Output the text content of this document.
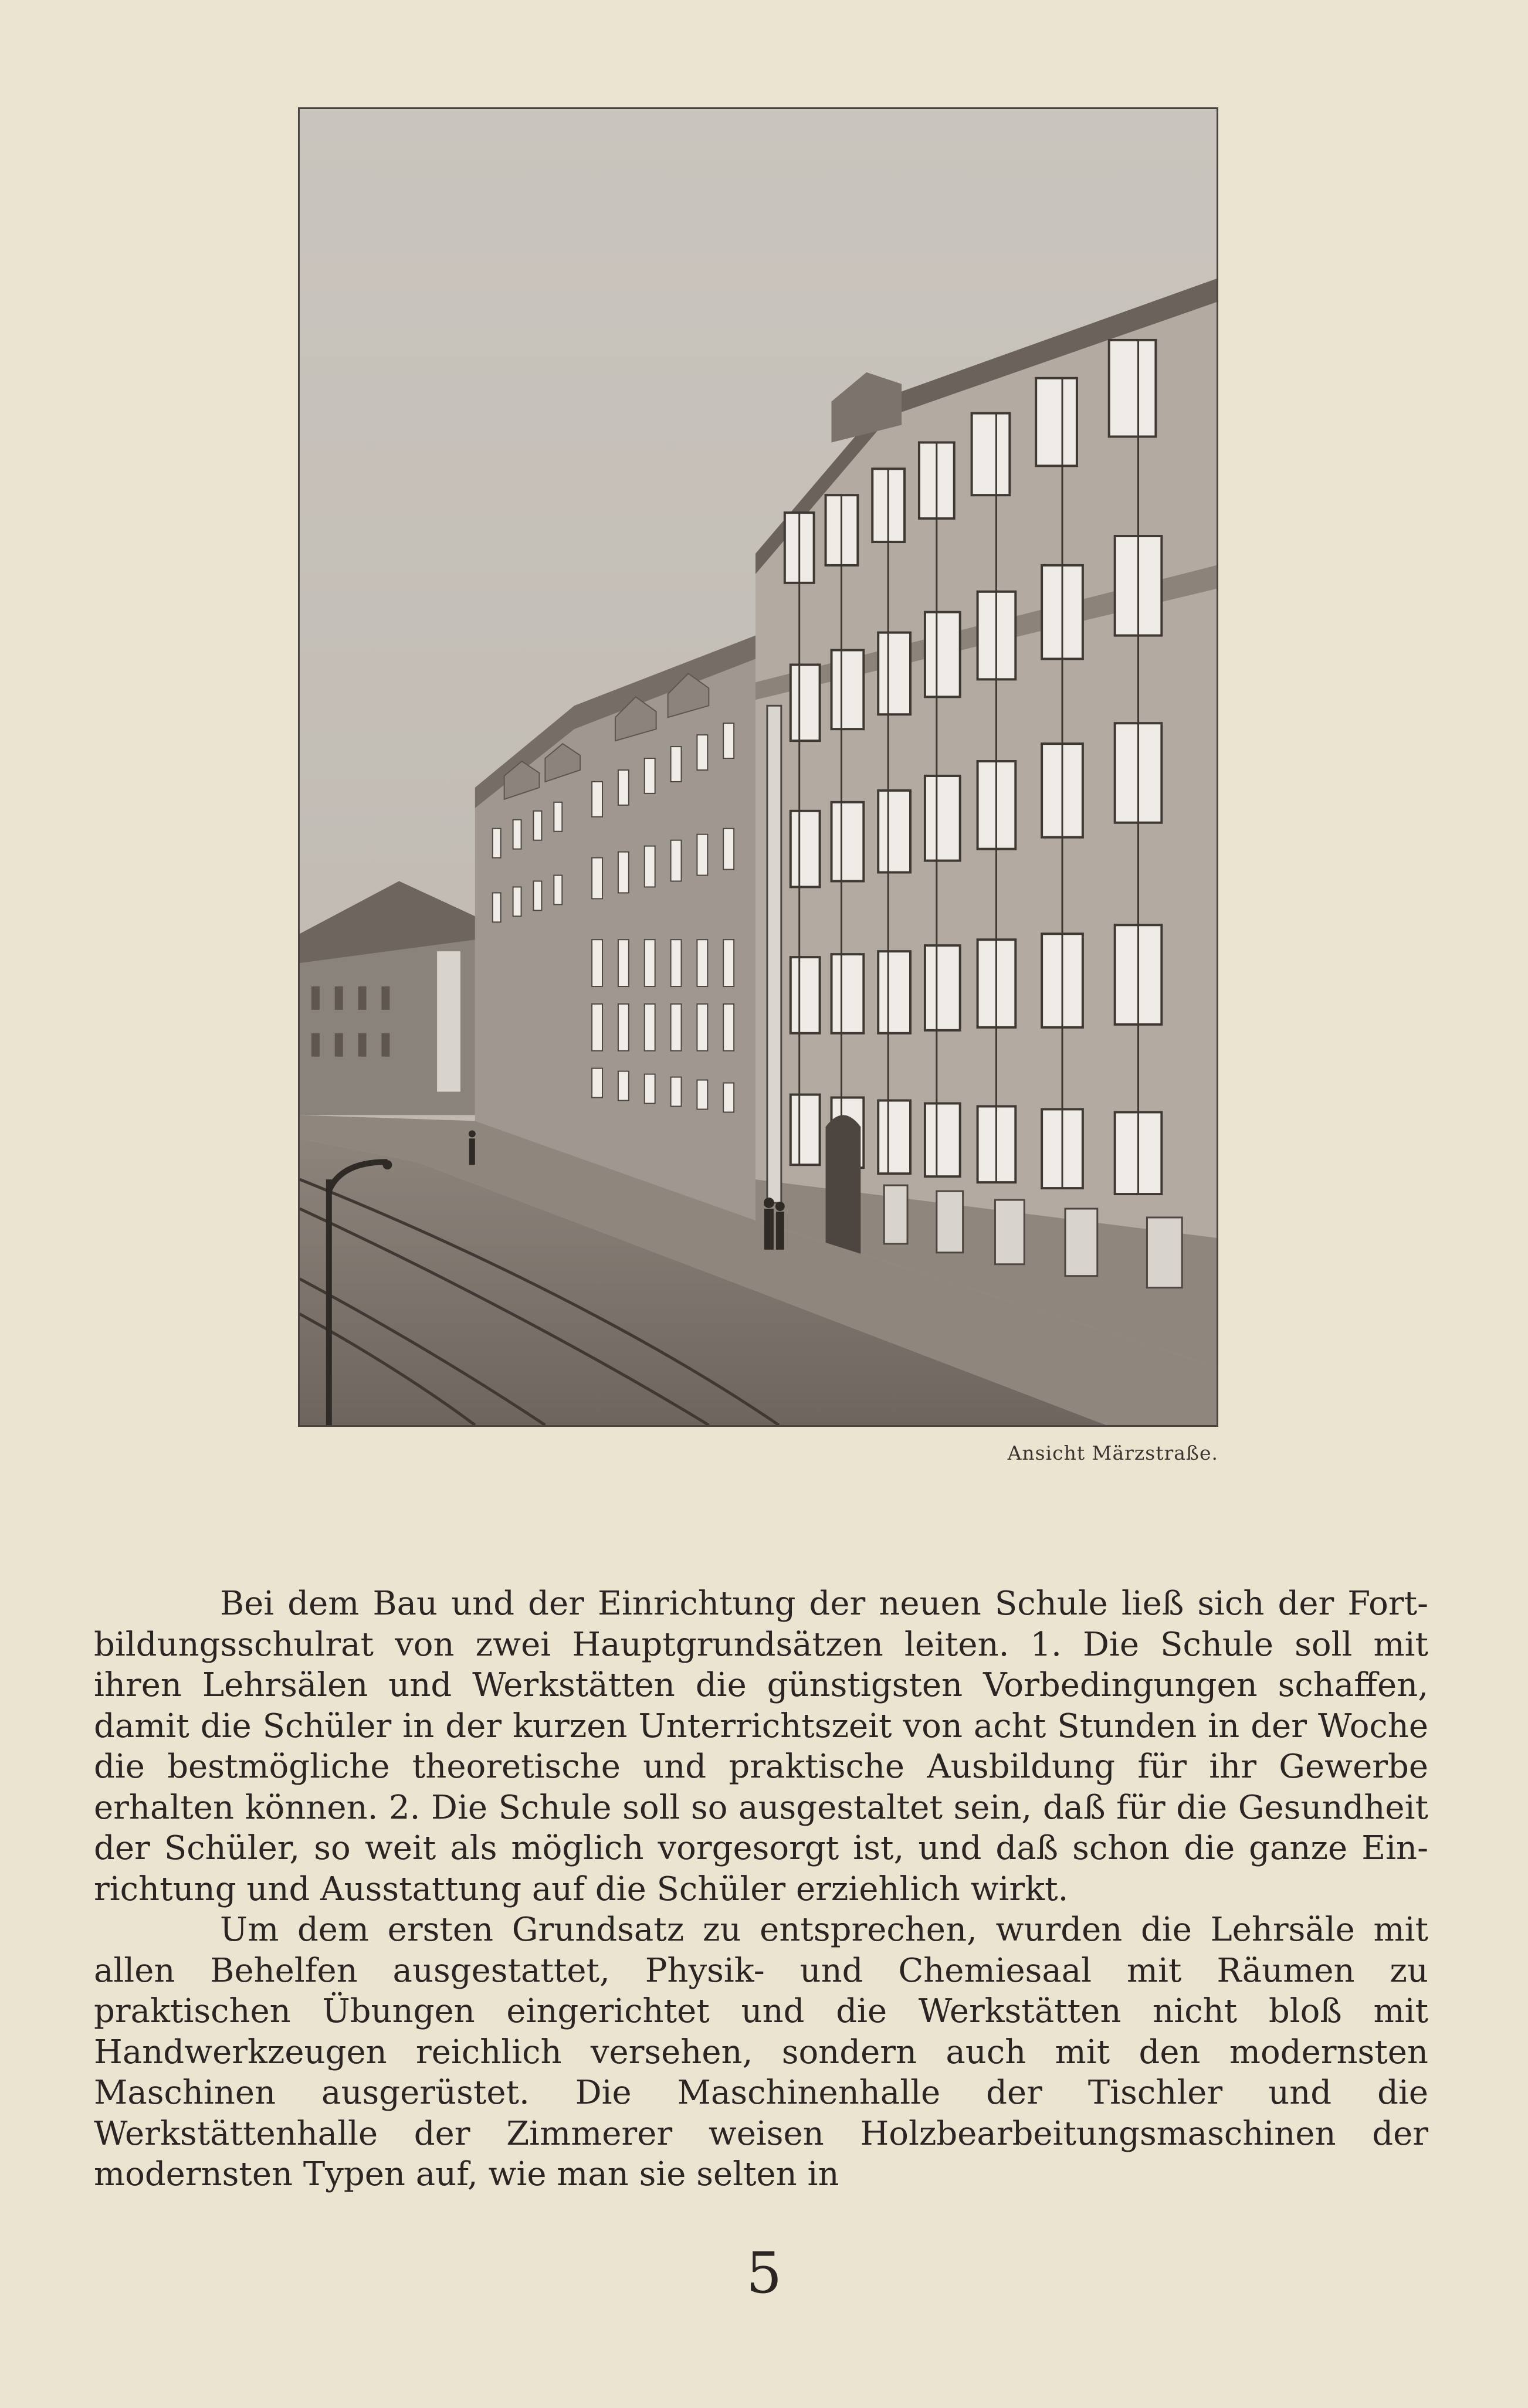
Ansicht Märzstraße.

Bei dem Bau und der Einrichtung der neuen Schule ließ sich der Fortbildungsschulrat von zwei Hauptgrundsätzen leiten. 1. Die Schule soll mit ihren Lehrsälen und Werkstätten die günstigsten Vorbedingungen schaffen, damit die Schüler in der kurzen Unterrichtszeit von acht Stunden in der Woche die bestmögliche theoretische und praktische Ausbildung für ihr Gewerbe erhalten können. 2. Die Schule soll so ausgestaltet sein, daß für die Gesundheit der Schüler, so weit als möglich vorgesorgt ist, und daß schon die ganze Einrichtung und Ausstattung auf die Schüler erziehlich wirkt.

Um dem ersten Grundsatz zu entsprechen, wurden die Lehrsäle mit allen Behelfen ausgestattet, Physik- und Chemiesaal mit Räumen zu praktischen Übungen eingerichtet und die Werkstätten nicht bloß mit Handwerkzeugen reichlich versehen, sondern auch mit den modernsten Maschinen ausgerüstet. Die Maschinenhalle der Tischler und die Werkstättenhalle der Zimmerer weisen Holzbearbeitungsmaschinen der modernsten Typen auf, wie man sie selten in

5
